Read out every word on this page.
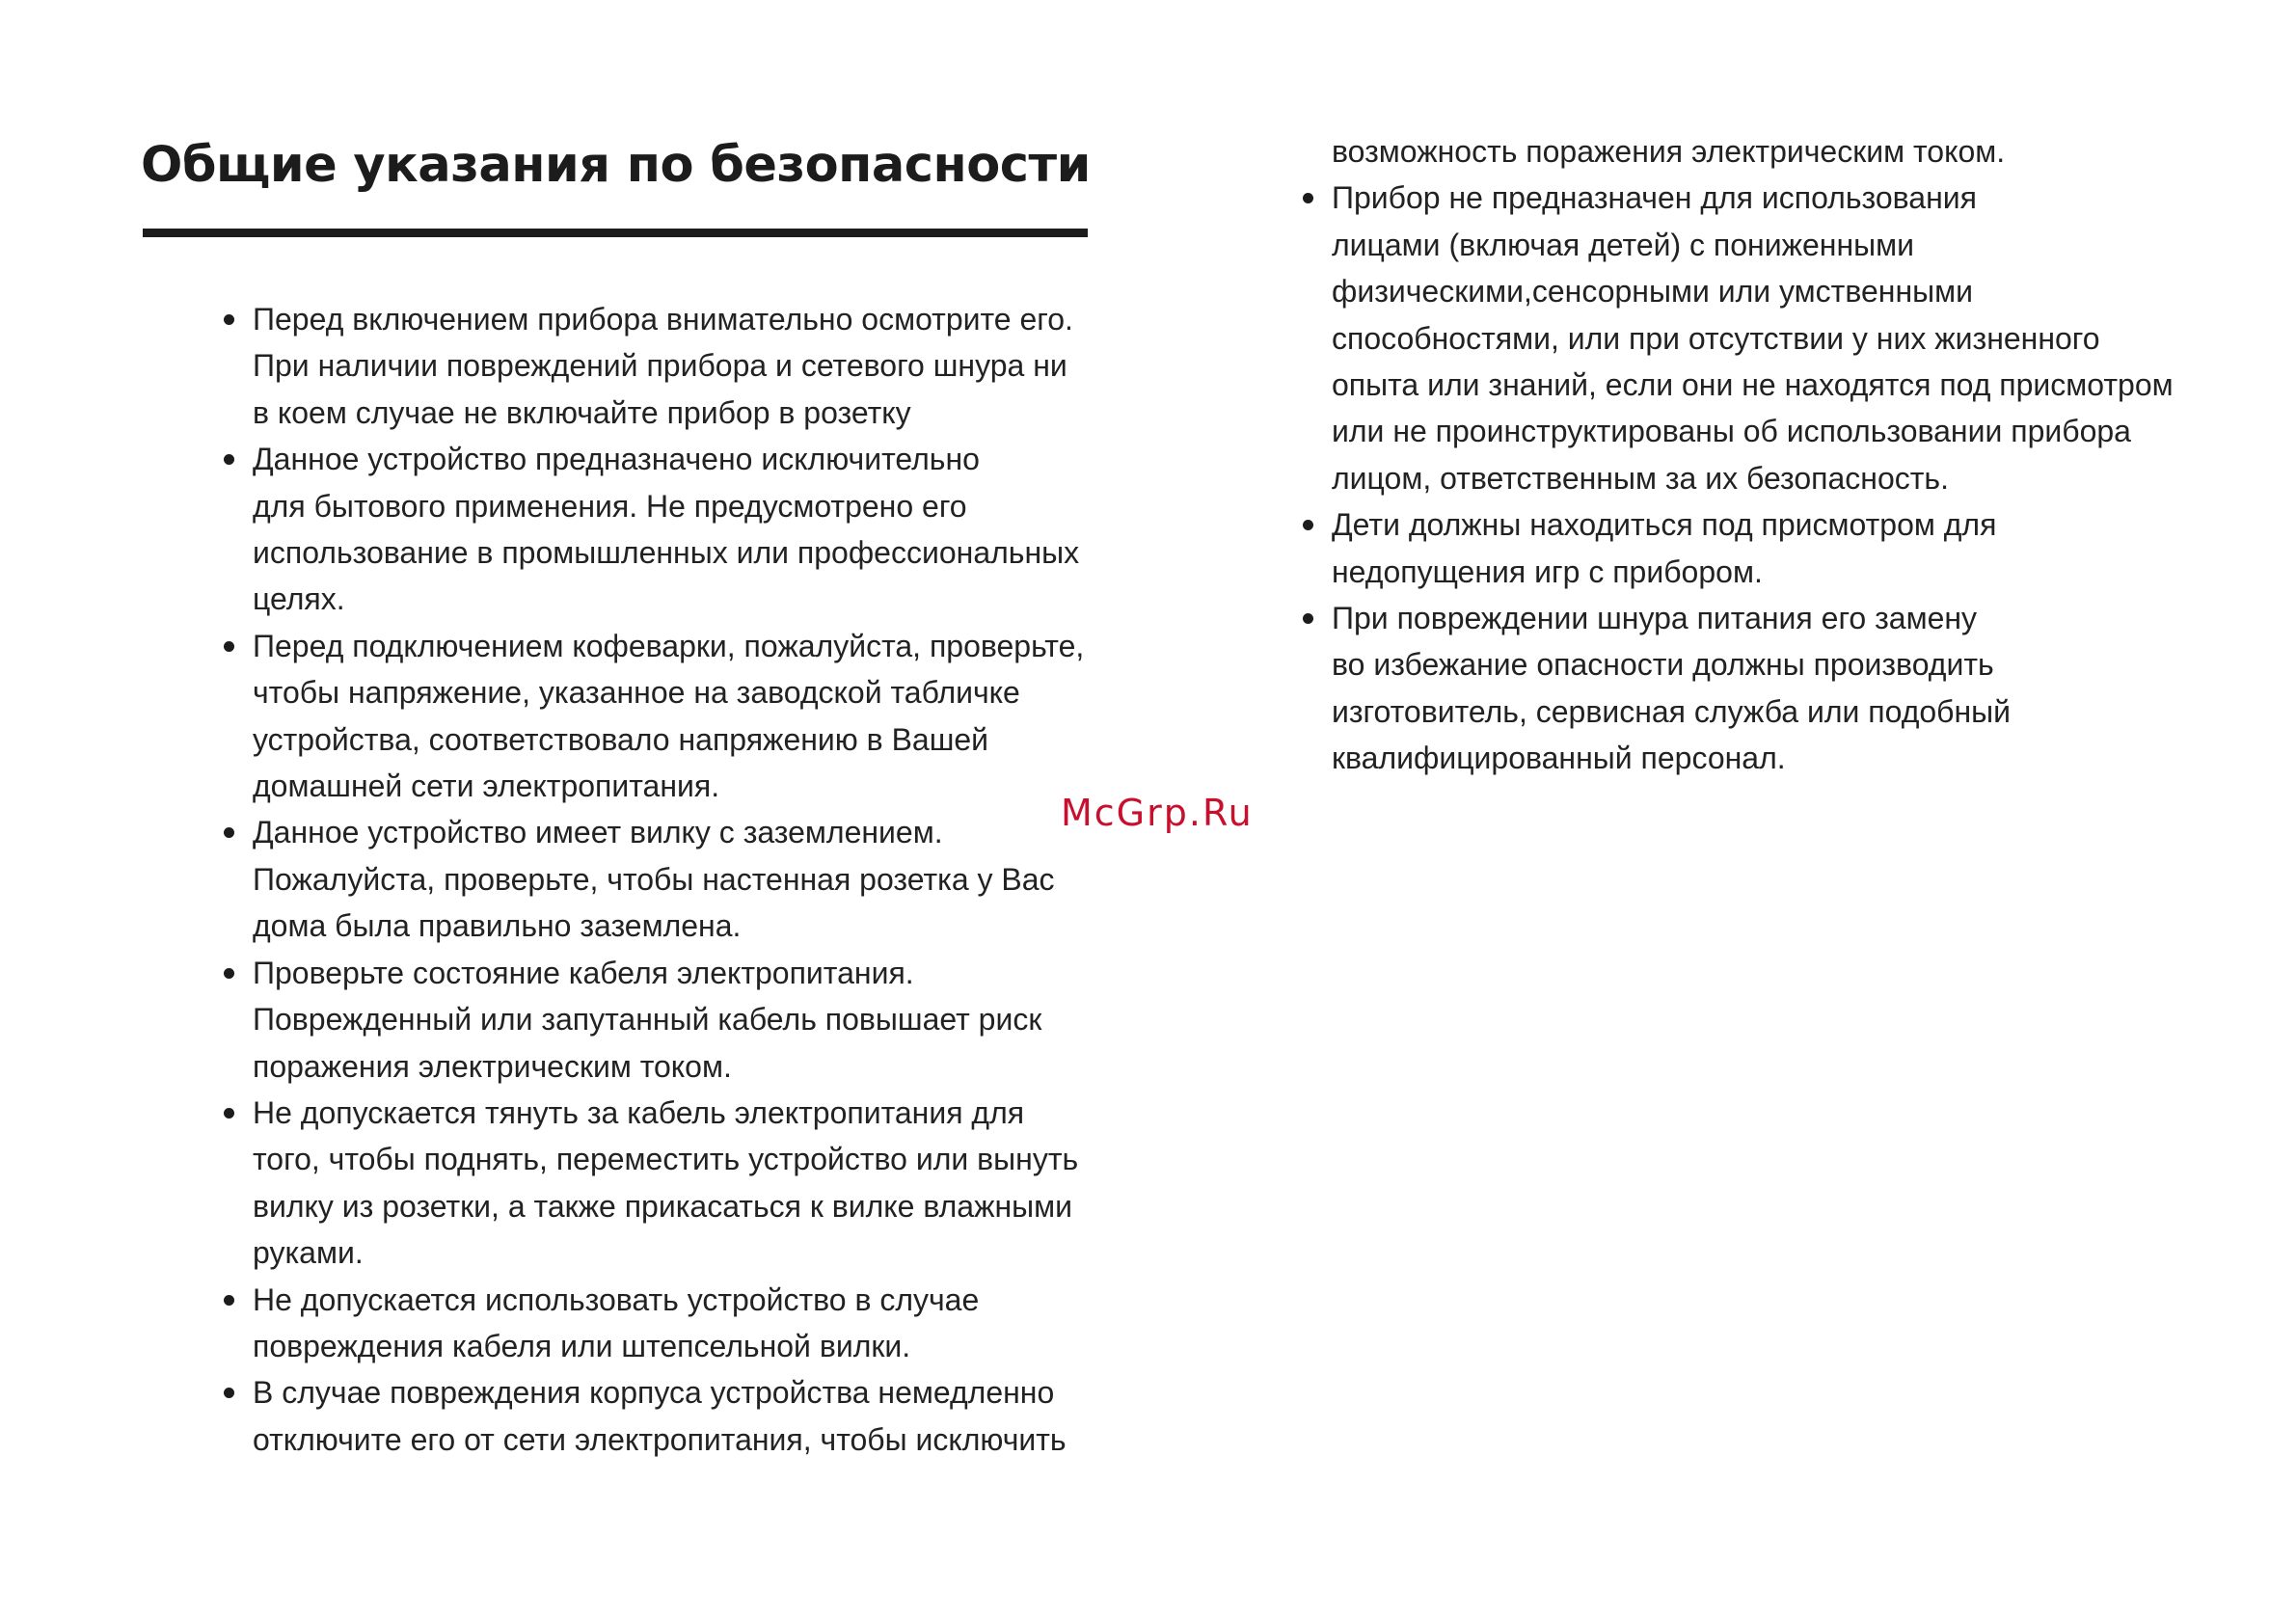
Общие указания по безопасности
Перед включением прибора внимательно осмотрите его.
При наличии повреждений прибора и сетевого шнура ни
в коем случае не включайте прибор в розетку
Данное устройство предназначено исключительно
для бытового применения. Не предусмотрено его
использование в промышленных или профессиональных
целях.
Перед подключением кофеварки, пожалуйста, проверьте,
чтобы напряжение, указанное на заводской табличке
устройства, соответствовало напряжению в Вашей
домашней сети электропитания.
Данное устройство имеет вилку с заземлением.
Пожалуйста, проверьте, чтобы настенная розетка у Вас
дома была правильно заземлена.
Проверьте состояние кабеля электропитания.
Поврежденный или запутанный кабель повышает риск
поражения электрическим током.
Не допускается тянуть за кабель электропитания для
того, чтобы поднять, переместить устройство или вынуть
вилку из розетки, а также прикасаться к вилке влажными
руками.
Не допускается использовать устройство в случае
повреждения кабеля или штепсельной вилки.
В случае повреждения корпуса устройства немедленно
отключите его от сети электропитания, чтобы исключить
возможность поражения электрическим током.
Прибор не предназначен для использования
лицами (включая детей) с пониженными
физическими,сенсорными или умственными
способностями, или при отсутствии у них жизненного
опыта или знаний, если они не находятся под присмотром
или не проинструктированы об использовании прибора
лицом, ответственным за их безопасность.
Дети должны находиться под присмотром для
недопущения игр с прибором.
При повреждении шнура питания его замену
во избежание опасности должны производить
изготовитель, сервисная служба или подобный
квалифицированный персонал.
McGrp.Ru
